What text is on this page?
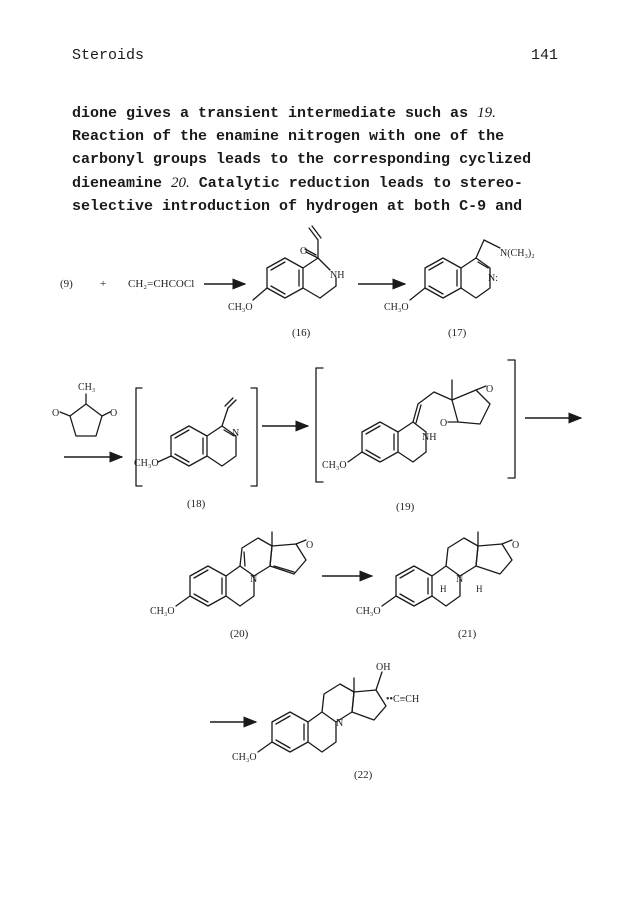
Steroids	141
dione gives a transient intermediate such as 19.
Reaction of the enamine nitrogen with one of the
carbonyl groups leads to the corresponding cyclized
dieneamine 20. Catalytic reduction leads to stereo-
selective introduction of hydrogen at both C-9 and
(9) + CH₂=CHCOCl
CH₃O
NH
O
(16)
CH₃O
N:
N(CH₃)₂
(17)
CH₃
O	O
CH₃O
N
(18)
CH₃O
NH
O
O
(19)
CH₃O
N
O
(20)
CH₃O
N
H	H
O
(21)
CH₃O
N
OH
••C≡CH
(22)
